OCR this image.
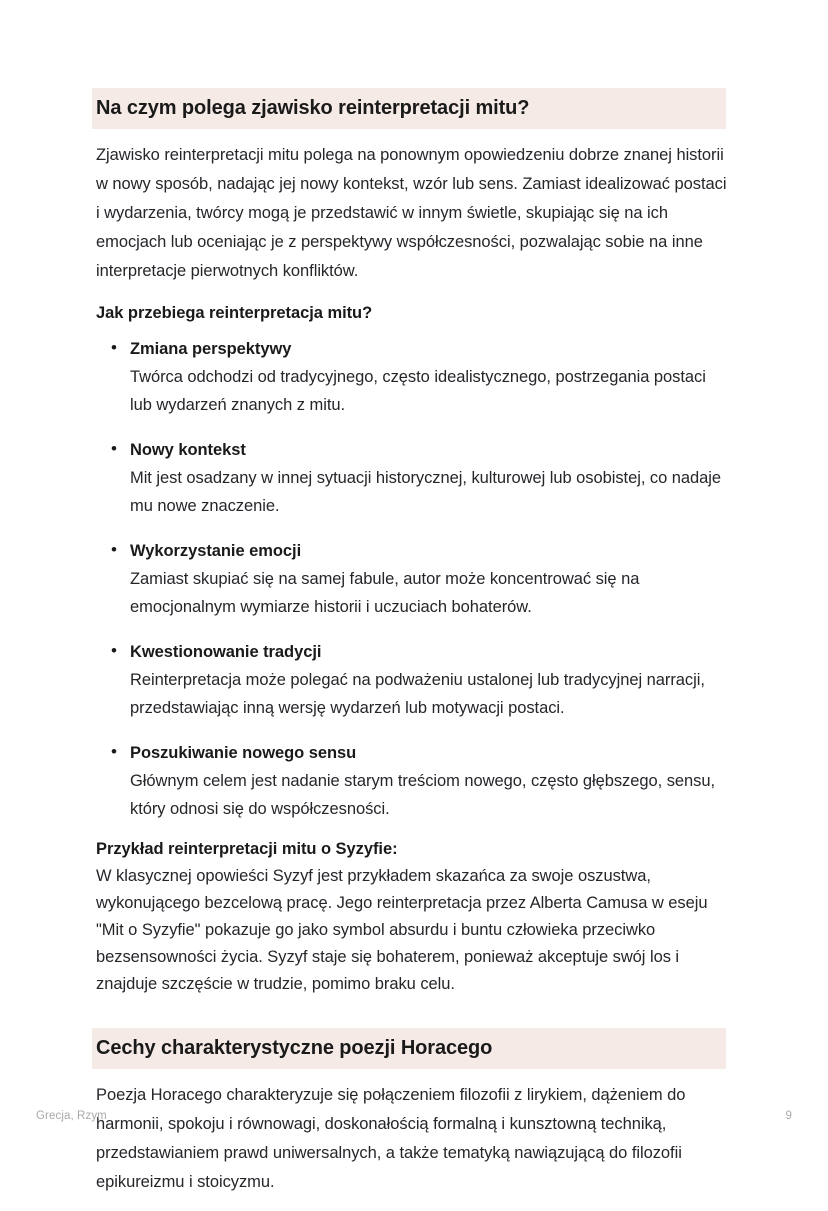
Na czym polega zjawisko reinterpretacji mitu?

Zjawisko reinterpretacji mitu polega na ponownym opowiedzeniu dobrze znanej historii w nowy sposób, nadając jej nowy kontekst, wzór lub sens. Zamiast idealizować postaci i wydarzenia, twórcy mogą je przedstawić w innym świetle, skupiając się na ich emocjach lub oceniając je z perspektywy współczesności, pozwalając sobie na inne interpretacje pierwotnych konfliktów.

Jak przebiega reinterpretacja mitu?

• Zmiana perspektywy
Twórca odchodzi od tradycyjnego, często idealistycznego, postrzegania postaci lub wydarzeń znanych z mitu.
• Nowy kontekst
Mit jest osadzany w innej sytuacji historycznej, kulturowej lub osobistej, co nadaje mu nowe znaczenie.
• Wykorzystanie emocji
Zamiast skupiać się na samej fabule, autor może koncentrować się na emocjonalnym wymiarze historii i uczuciach bohaterów.
• Kwestionowanie tradycji
Reinterpretacja może polegać na podważeniu ustalonej lub tradycyjnej narracji, przedstawiając inną wersję wydarzeń lub motywacji postaci.
• Poszukiwanie nowego sensu
Głównym celem jest nadanie starym treściom nowego, często głębszego, sensu, który odnosi się do współczesności.

Przykład reinterpretacji mitu o Syzyfie:

W klasycznej opowieści Syzyf jest przykładem skazańca za swoje oszustwa, wykonującego bezcelową pracę. Jego reinterpretacja przez Alberta Camusa w eseju "Mit o Syzyfie" pokazuje go jako symbol absurdu i buntu człowieka przeciwko bezsensowności życia. Syzyf staje się bohaterem, ponieważ akceptuje swój los i znajduje szczęście w trudzie, pomimo braku celu.

Cechy charakterystyczne poezji Horacego

Poezja Horacego charakteryzuje się połączeniem filozofii z lirykiem, dążeniem do harmonii, spokoju i równowagi, doskonałością formalną i kunsztowną techniką, przedstawianiem prawd uniwersalnych, a także tematyką nawiązującą do filozofii epikureizmu i stoicyzmu.

Grecja, Rzym	9
